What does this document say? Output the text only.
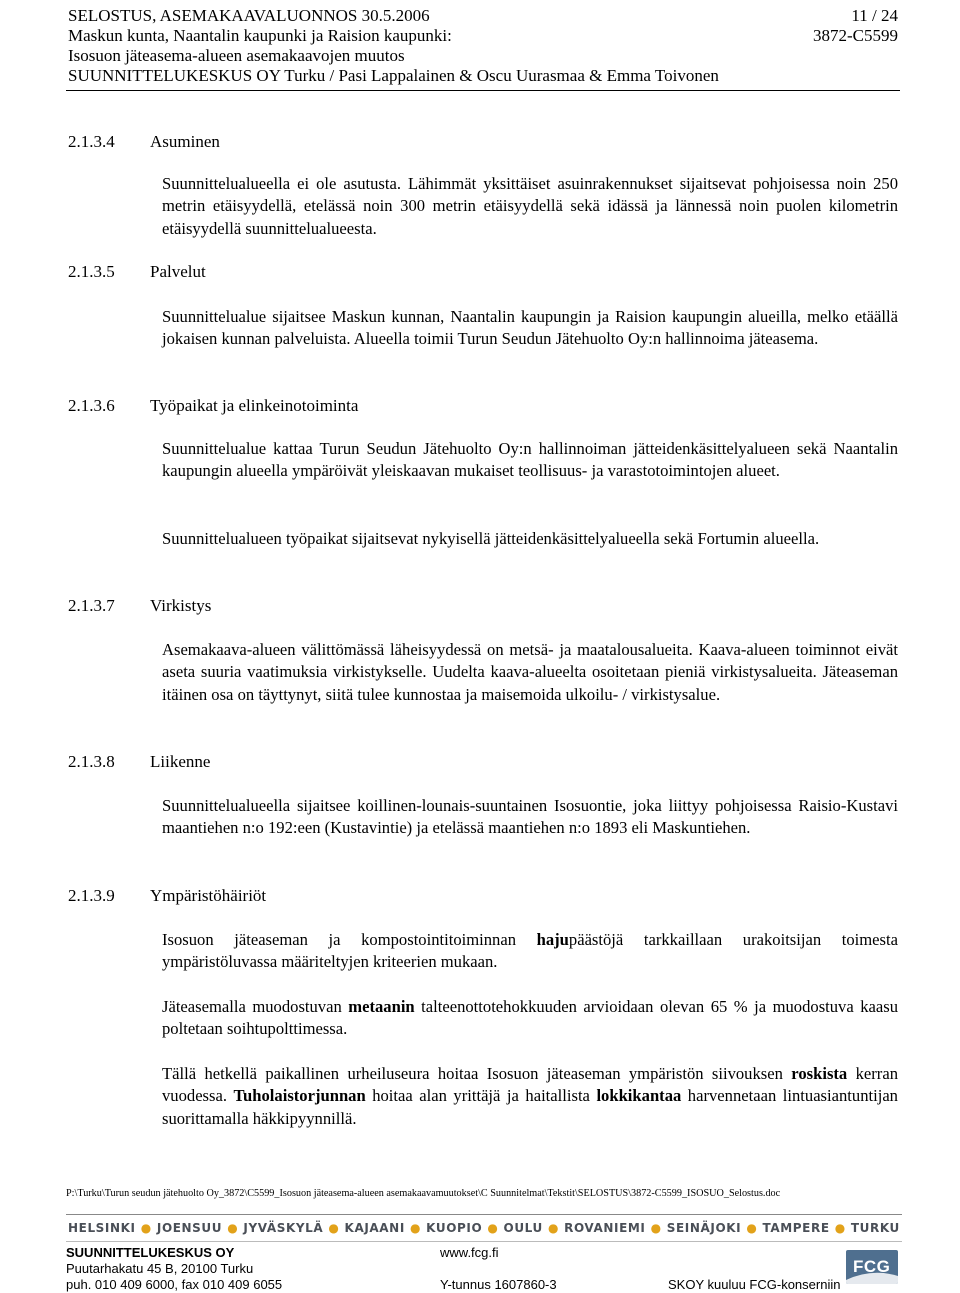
SELOSTUS, ASEMAKAAVALUONNOS 30.5.2006	11 / 24
Maskun kunta, Naantalin kaupunki ja Raision kaupunki:	3872-C5599
Isosuon jäteasema-alueen asemakaavojen muutos
SUUNNITTELUKESKUS OY Turku / Pasi Lappalainen & Oscu Uurasmaa & Emma Toivonen
2.1.3.4 Asuminen
2.1.3.5 Palvelut
2.1.3.6 Työpaikat ja elinkeinotoiminta
2.1.3.7 Virkistys
2.1.3.8 Liikenne
2.1.3.9 Ympäristöhäiriöt
Suunnittelualueella ei ole asutusta. Lähimmät yksittäiset asuinrakennukset sijaitsevat pohjoisessa noin 250 metrin etäisyydellä, etelässä noin 300 metrin etäisyydellä sekä idässä ja lännessä noin puolen kilometrin etäisyydellä suunnittelualueesta.
Suunnittelualue sijaitsee Maskun kunnan, Naantalin kaupungin ja Raision kaupungin alueilla, melko etäällä jokaisen kunnan palveluista. Alueella toimii Turun Seudun Jätehuolto Oy:n hallinnoima jäteasema.
Suunnittelualue kattaa Turun Seudun Jätehuolto Oy:n hallinnoiman jätteidenkäsittelyalueen sekä Naantalin kaupungin alueella ympäröivät yleiskaavan mukaiset teollisuus- ja varastotoimintojen alueet.
Suunnittelualueen työpaikat sijaitsevat nykyisellä jätteidenkäsittelyalueella sekä Fortumin alueella.
Asemakaava-alueen välittömässä läheisyydessä on metsä- ja maatalousalueita. Kaava-alueen toiminnot eivät aseta suuria vaatimuksia virkistykselle. Uudelta kaava-alueelta osoitetaan pieniä virkistysalueita. Jäteaseman itäinen osa on täyttynyt, siitä tulee kunnostaa ja maisemoida ulkoilu- / virkistysalue.
Suunnittelualueella sijaitsee koillinen-lounais-suuntainen Isosuontie, joka liittyy pohjoisessa Raisio-Kustavi maantiehen n:o 192:een (Kustavintie) ja etelässä maantiehen n:o 1893 eli Maskuntiehen.
Isosuon jäteaseman ja kompostointitoiminnan hajupäästöjä tarkkaillaan urakoitsijan toimesta ympäristöluvassa määriteltyjen kriteerien mukaan.
Jäteasemalla muodostuvan metaanin talteenottotehokkuuden arvioidaan olevan 65 % ja muodostuva kaasu poltetaan soihtupolttimessa.
Tällä hetkellä paikallinen urheiluseura hoitaa Isosuon jäteaseman ympäristön siivouksen roskista kerran vuodessa. Tuholaistorjunnan hoitaa alan yrittäjä ja haitallista lokkikantaa harvennetaan lintuasiantuntijan suorittamalla häkkipyynnillä.
P:\Turku\Turun seudun jätehuolto Oy_3872\C5599_Isosuon jäteasema-alueen asemakaavamuutokset\C Suunnitelmat\Tekstit\SELOSTUS\3872-C5599_ISOSUO_Selostus.doc
HELSINKI ● JOENSUU ● JYVÄSKYLÄ ● KAJAANI ● KUOPIO ● OULU ● ROVANIEMI ● SEINÄJOKI ● TAMPERE ● TURKU
SUUNNITTELUKESKUS OY
Puutarhakatu 45 B, 20100 Turku
puh. 010 409 6000, fax 010 409 6055
www.fcg.fi
Y-tunnus 1607860-3	SKOY kuuluu FCG-konserniin
FCG
